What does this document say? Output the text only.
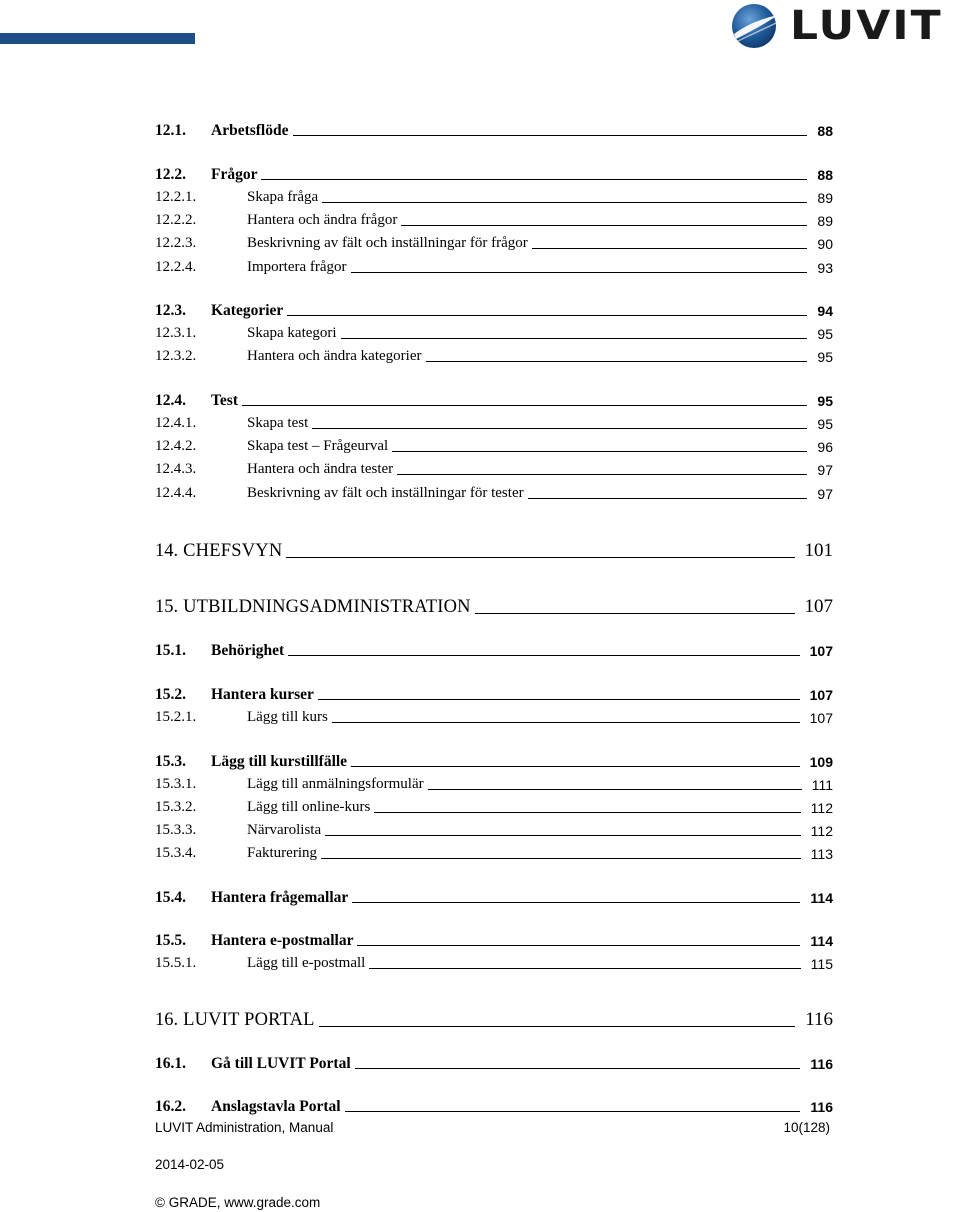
LUVIT
12.1.	Arbetsflöde	88
12.2.	Frågor	88
12.2.1.	Skapa fråga	89
12.2.2.	Hantera och ändra frågor	89
12.2.3.	Beskrivning av fält och inställningar för frågor	90
12.2.4.	Importera frågor	93
12.3.	Kategorier	94
12.3.1.	Skapa kategori	95
12.3.2.	Hantera och ändra kategorier	95
12.4.	Test	95
12.4.1.	Skapa test	95
12.4.2.	Skapa test – Frågeurval	96
12.4.3.	Hantera och ändra tester	97
12.4.4.	Beskrivning av fält och inställningar för tester	97
14. CHEFSVYN	101
15. UTBILDNINGSADMINISTRATION	107
15.1.	Behörighet	107
15.2.	Hantera kurser	107
15.2.1.	Lägg till kurs	107
15.3.	Lägg till kurstillfälle	109
15.3.1.	Lägg till anmälningsformulär	111
15.3.2.	Lägg till online-kurs	112
15.3.3.	Närvarolista	112
15.3.4.	Fakturering	113
15.4.	Hantera frågemallar	114
15.5.	Hantera e-postmallar	114
15.5.1.	Lägg till e-postmall	115
16. LUVIT PORTAL	116
16.1.	Gå till LUVIT Portal	116
16.2.	Anslagstavla Portal	116
LUVIT Administration, Manual	10(128)
2014-02-05
© GRADE, www.grade.com
